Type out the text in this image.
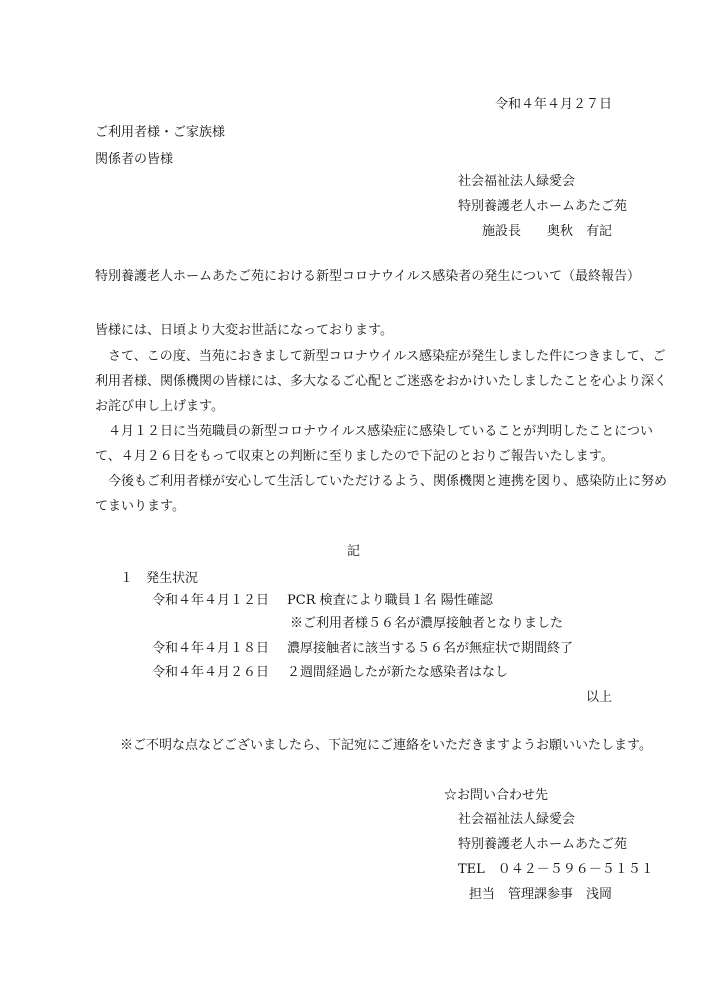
令和４年４月２７日
ご利用者様・ご家族様
関係者の皆様
社会福祉法人緑愛会
特別養護老人ホームあたご苑
施設長　　奥秋　有記
特別養護老人ホームあたご苑における新型コロナウイルス感染者の発生について（最終報告）
皆様には、日頃より大変お世話になっております。
　さて、この度、当苑におきまして新型コロナウイルス感染症が発生しました件につきまして、ご
利用者様、関係機関の皆様には、多大なるご心配とご迷惑をおかけいたしましたことを心より深く
お詫び申し上げます。
　４月１２日に当苑職員の新型コロナウイルス感染症に感染していることが判明したことについ
て、４月２６日をもって収束との判断に至りましたので下記のとおりご報告いたします。
　今後もご利用者様が安心して生活していただけるよう、関係機関と連携を図り、感染防止に努め
てまいります。
記
１　発生状況
令和４年４月１２日 PCR 検査により職員１名 陽性確認
※ご利用者様５６名が濃厚接触者となりました
令和４年４月１８日 濃厚接触者に該当する５６名が無症状で期間終了
令和４年４月２６日 ２週間経過したが新たな感染者はなし
以上
※ご不明な点などございましたら、下記宛にご連絡をいただきますようお願いいたします。
☆お問い合わせ先
社会福祉法人緑愛会
特別養護老人ホームあたご苑
TEL　０４２－５９６－５１５１
担当　管理課参事　浅岡
